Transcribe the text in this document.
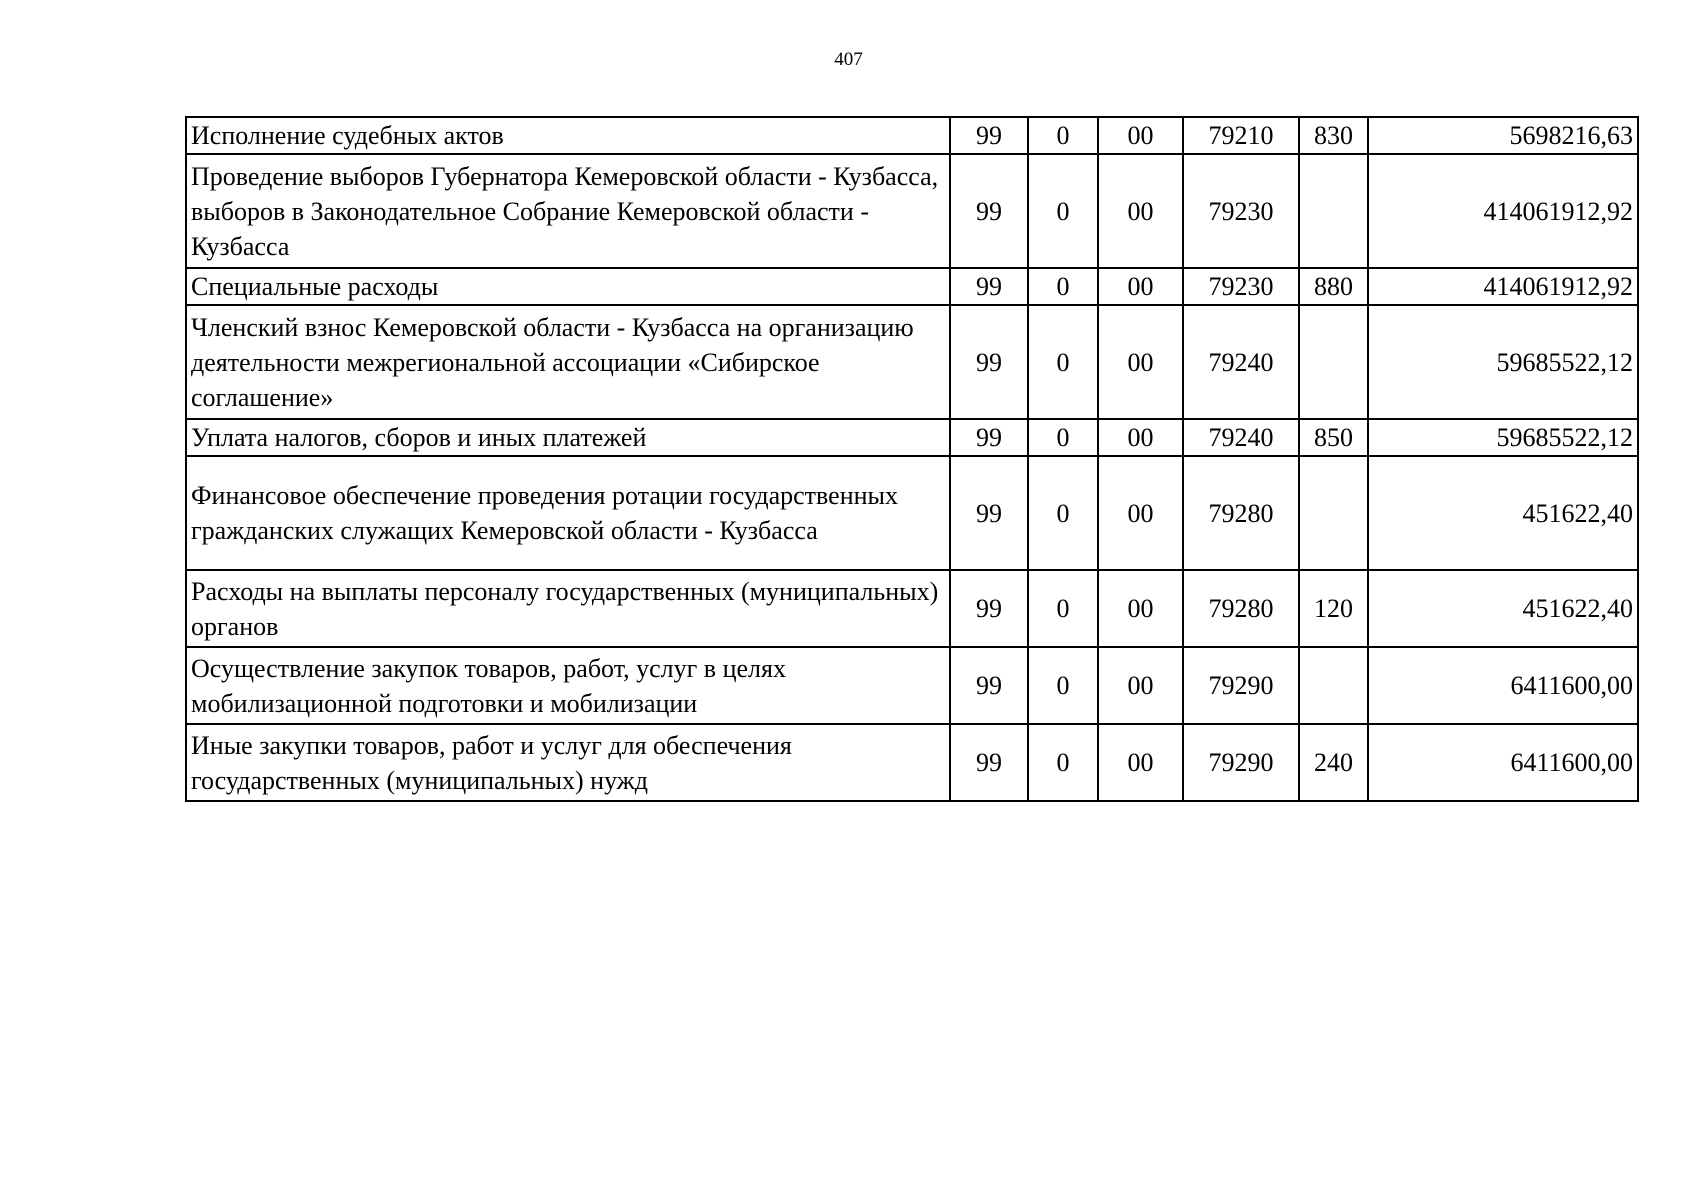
407
Исполнение судебных актов	99	0	00	79210	830	5698216,63
Проведение выборов Губернатора Кемеровской области - Кузбасса, выборов в Законодательное Собрание Кемеровской области - Кузбасса	99	0	00	79230		414061912,92
Специальные расходы	99	0	00	79230	880	414061912,92
Членский взнос Кемеровской области - Кузбасса на организацию деятельности межрегиональной ассоциации «Сибирское соглашение»	99	0	00	79240		59685522,12
Уплата налогов, сборов и иных платежей	99	0	00	79240	850	59685522,12
Финансовое обеспечение проведения ротации государственных гражданских служащих Кемеровской области - Кузбасса	99	0	00	79280		451622,40
Расходы на выплаты персоналу государственных (муниципальных) органов	99	0	00	79280	120	451622,40
Осуществление закупок товаров, работ, услуг в целях мобилизационной подготовки и мобилизации	99	0	00	79290		6411600,00
Иные закупки товаров, работ и услуг для обеспечения государственных (муниципальных) нужд	99	0	00	79290	240	6411600,00
